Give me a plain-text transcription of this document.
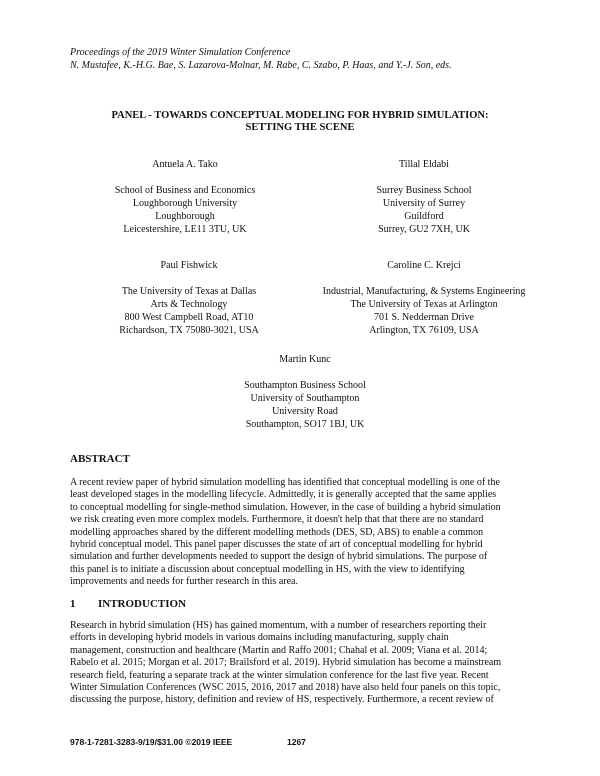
Proceedings of the 2019 Winter Simulation Conference
N. Mustafee, K.-H.G. Bae, S. Lazarova-Molnar, M. Rabe, C. Szabo, P. Haas, and Y.-J. Son, eds.
PANEL - TOWARDS CONCEPTUAL MODELING FOR HYBRID SIMULATION:
SETTING THE SCENE
Antuela A. Tako
School of Business and Economics
Loughborough University
Loughborough
Leicestershire, LE11 3TU, UK
Tillal Eldabi
Surrey Business School
University of Surrey
Guildford
Surrey, GU2 7XH, UK
Paul Fishwick
The University of Texas at Dallas
Arts & Technology
800 West Campbell Road, AT10
Richardson, TX 75080-3021, USA
Caroline C. Krejci
Industrial, Manufacturing, & Systems Engineering
The University of Texas at Arlington
701 S. Nedderman Drive
Arlington, TX 76109, USA
Martin Kunc
Southampton Business School
University of Southampton
University Road
Southampton, SO17 1BJ, UK
ABSTRACT
A recent review paper of hybrid simulation modelling has identified that conceptual modelling is one of the
least developed stages in the modelling lifecycle. Admittedly, it is generally accepted that the same applies
to conceptual modelling for single-method simulation. However, in the case of building a hybrid simulation
we risk creating even more complex models. Furthermore, it doesn't help that that there are no standard
modelling approaches shared by the different modelling methods (DES, SD, ABS) to enable a common
hybrid conceptual model. This panel paper discusses the state of art of conceptual modelling for hybrid
simulation and further developments needed to support the design of hybrid simulations. The purpose of
this panel is to initiate a discussion about conceptual modelling in HS, with the view to identifying
improvements and needs for further research in this area.
1 INTRODUCTION
Research in hybrid simulation (HS) has gained momentum, with a number of researchers reporting their
efforts in developing hybrid models in various domains including manufacturing, supply chain
management, construction and healthcare (Martin and Raffo 2001; Chahal et al. 2009; Viana et al. 2014;
Rabelo et al. 2015; Morgan et al. 2017; Brailsford et al. 2019). Hybrid simulation has become a mainstream
research field, featuring a separate track at the winter simulation conference for the last five year. Recent
Winter Simulation Conferences (WSC 2015, 2016, 2017 and 2018) have also held four panels on this topic,
discussing the purpose, history, definition and review of HS, respectively. Furthermore, a recent review of
978-1-7281-3283-9/19/$31.00 ©2019 IEEE	1267
